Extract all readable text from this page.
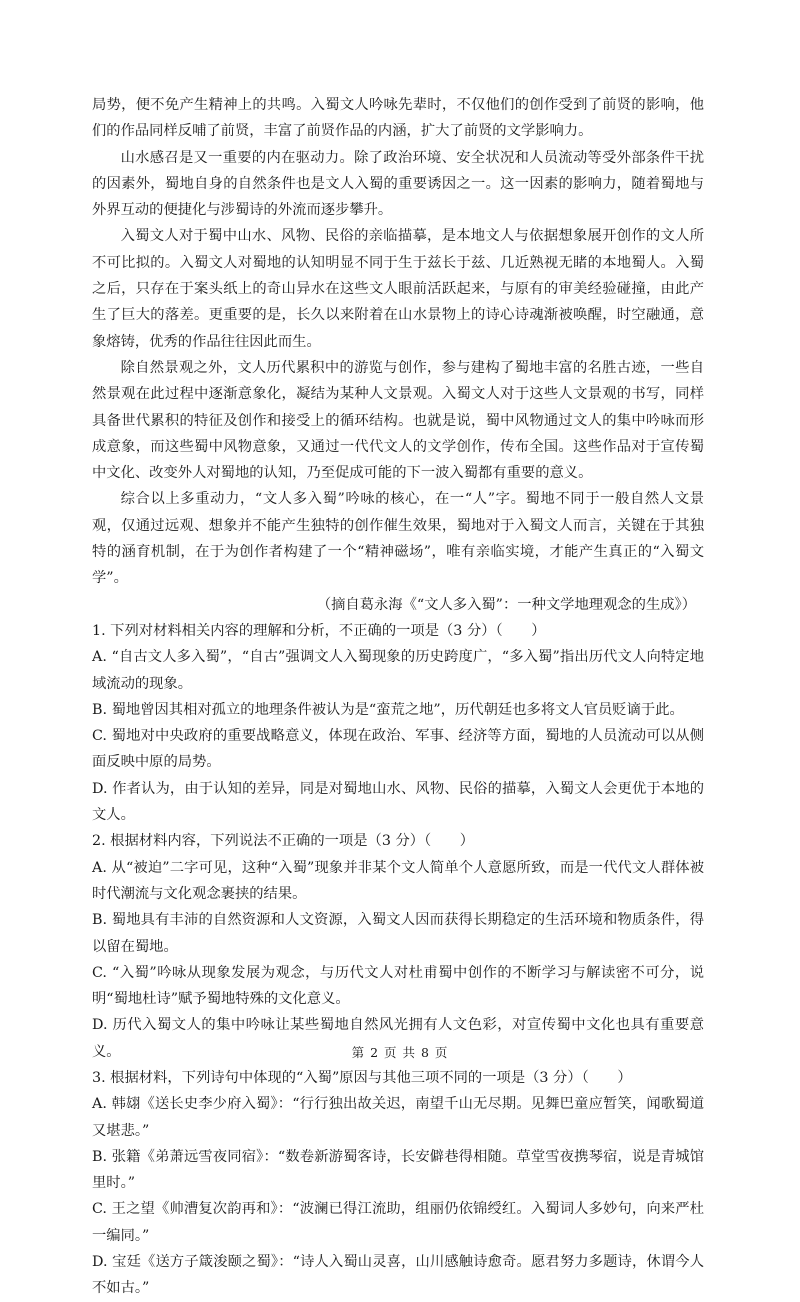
局势，便不免产生精神上的共鸣。入蜀文人吟咏先辈时，不仅他们的创作受到了前贤的影响，他们的作品同样反哺了前贤，丰富了前贤作品的内涵，扩大了前贤的文学影响力。

山水感召是又一重要的内在驱动力。除了政治环境、安全状况和人员流动等受外部条件干扰的因素外，蜀地自身的自然条件也是文人入蜀的重要诱因之一。这一因素的影响力，随着蜀地与外界互动的便捷化与涉蜀诗的外流而逐步攀升。

入蜀文人对于蜀中山水、风物、民俗的亲临描摹，是本地文人与依据想象展开创作的文人所不可比拟的。入蜀文人对蜀地的认知明显不同于生于兹长于兹、几近熟视无睹的本地蜀人。入蜀之后，只存在于案头纸上的奇山异水在这些文人眼前活跃起来，与原有的审美经验碰撞，由此产生了巨大的落差。更重要的是，长久以来附着在山水景物上的诗心诗魂渐被唤醒，时空融通，意象熔铸，优秀的作品往往因此而生。

除自然景观之外，文人历代累积中的游览与创作，参与建构了蜀地丰富的名胜古迹，一些自然景观在此过程中逐渐意象化，凝结为某种人文景观。入蜀文人对于这些人文景观的书写，同样具备世代累积的特征及创作和接受上的循环结构。也就是说，蜀中风物通过文人的集中吟咏而形成意象，而这些蜀中风物意象，又通过一代代文人的文学创作，传布全国。这些作品对于宣传蜀中文化、改变外人对蜀地的认知，乃至促成可能的下一波入蜀都有重要的意义。

综合以上多重动力，“文人多入蜀”吟咏的核心，在一“人”字。蜀地不同于一般自然人文景观，仅通过远观、想象并不能产生独特的创作催生效果，蜀地对于入蜀文人而言，关键在于其独特的涵育机制，在于为创作者构建了一个“精神磁场”，唯有亲临实境，才能产生真正的“入蜀文学”。

（摘自葛永海《“文人多入蜀”：一种文学地理观念的生成》）

1. 下列对材料相关内容的理解和分析，不正确的一项是（3 分）（　　）

A. “自古文人多入蜀”，“自古”强调文人入蜀现象的历史跨度广，“多入蜀”指出历代文人向特定地域流动的现象。

B. 蜀地曾因其相对孤立的地理条件被认为是“蛮荒之地”，历代朝廷也多将文人官员贬谪于此。

C. 蜀地对中央政府的重要战略意义，体现在政治、军事、经济等方面，蜀地的人员流动可以从侧面反映中原的局势。

D. 作者认为，由于认知的差异，同是对蜀地山水、风物、民俗的描摹，入蜀文人会更优于本地的文人。

2. 根据材料内容，下列说法不正确的一项是（3 分）（　　）

A. 从“被迫”二字可见，这种“入蜀”现象并非某个文人简单个人意愿所致，而是一代代文人群体被时代潮流与文化观念裹挟的结果。

B. 蜀地具有丰沛的自然资源和人文资源，入蜀文人因而获得长期稳定的生活环境和物质条件，得以留在蜀地。

C. “入蜀”吟咏从现象发展为观念，与历代文人对杜甫蜀中创作的不断学习与解读密不可分，说明“蜀地杜诗”赋予蜀地特殊的文化意义。

D. 历代入蜀文人的集中吟咏让某些蜀地自然风光拥有人文色彩，对宣传蜀中文化也具有重要意义。

3. 根据材料，下列诗句中体现的“入蜀”原因与其他三项不同的一项是（3 分）（　　）

A. 韩翃《送长史李少府入蜀》：“行行独出故关迟，南望千山无尽期。见舞巴童应暂笑，闻歌蜀道又堪悲。”

B. 张籍《弟萧远雪夜同宿》：“数卷新游蜀客诗，长安僻巷得相随。草堂雪夜携琴宿，说是青城馆里时。”

C. 王之望《帅漕复次韵再和》：“波澜已得江流助，组丽仍依锦绶红。入蜀词人多妙句，向来严杜一编同。”

D. 宝廷《送方子箴浚颐之蜀》：“诗人入蜀山灵喜，山川感触诗愈奇。愿君努力多题诗，休谓今人不如古。”

第 2 页 共 8 页
